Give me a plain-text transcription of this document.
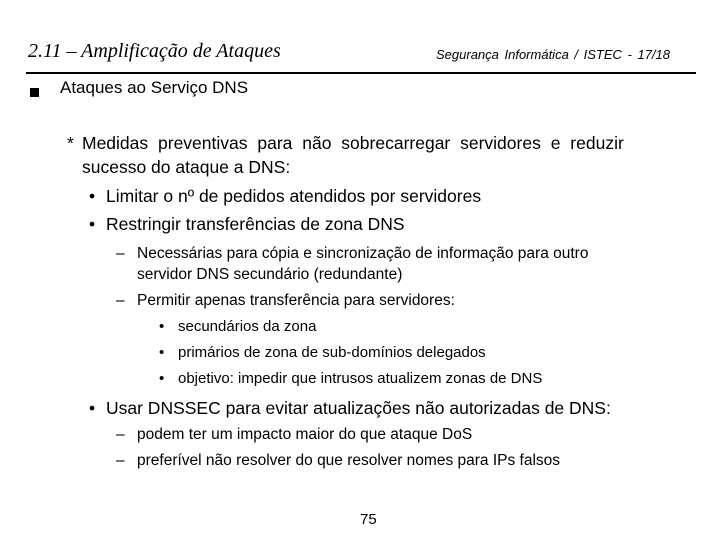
2.11 – Amplificação de Ataques	Segurança Informática / ISTEC - 17/18
Ataques ao Serviço DNS
* Medidas preventivas para não sobrecarregar servidores e reduzir
sucesso do ataque a DNS:
• Limitar o nº de pedidos atendidos por servidores
• Restringir transferências de zona DNS
– Necessárias para cópia e sincronização de informação para outro
servidor DNS secundário (redundante)
– Permitir apenas transferência para servidores:
• secundários da zona
• primários de zona de sub-domínios delegados
• objetivo: impedir que intrusos atualizem zonas de DNS
• Usar DNSSEC para evitar atualizações não autorizadas de DNS:
– podem ter um impacto maior do que ataque DoS
– preferível não resolver do que resolver nomes para IPs falsos
75
